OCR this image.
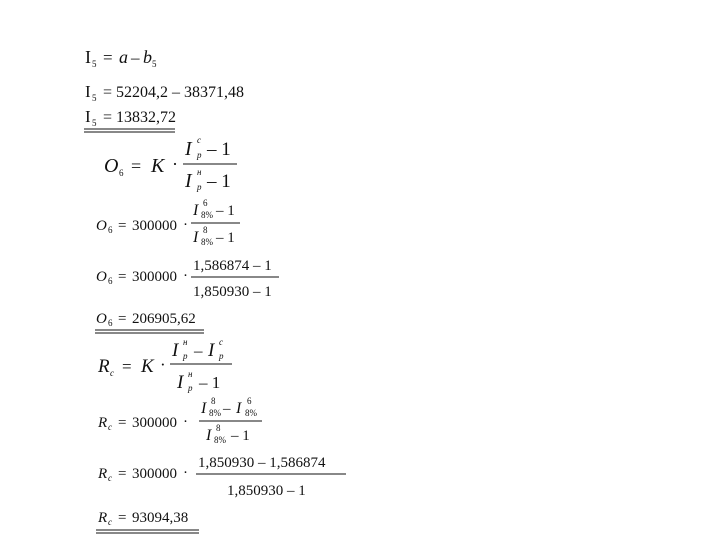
I 5 = a – b 5
I 5 = 52204,2 – 38371,48
I 5 = 13832,72
O 6 = K ·
I с
p – 1
I н
p – 1
O 6 = 300000 ·
I 6
8% – 1
I 8
8% – 1
O 6 = 300000 ·
1,586874 – 1
1,850930 – 1
O 6 = 206905,62
R c = K ·
I н
p – I c
p
I н
p – 1
R c = 300000 ·
I 8
8% – I 6
8%
I 8
8% – 1
R c = 300000 ·
1,850930 – 1,586874
1,850930 – 1
R c = 93094,38
